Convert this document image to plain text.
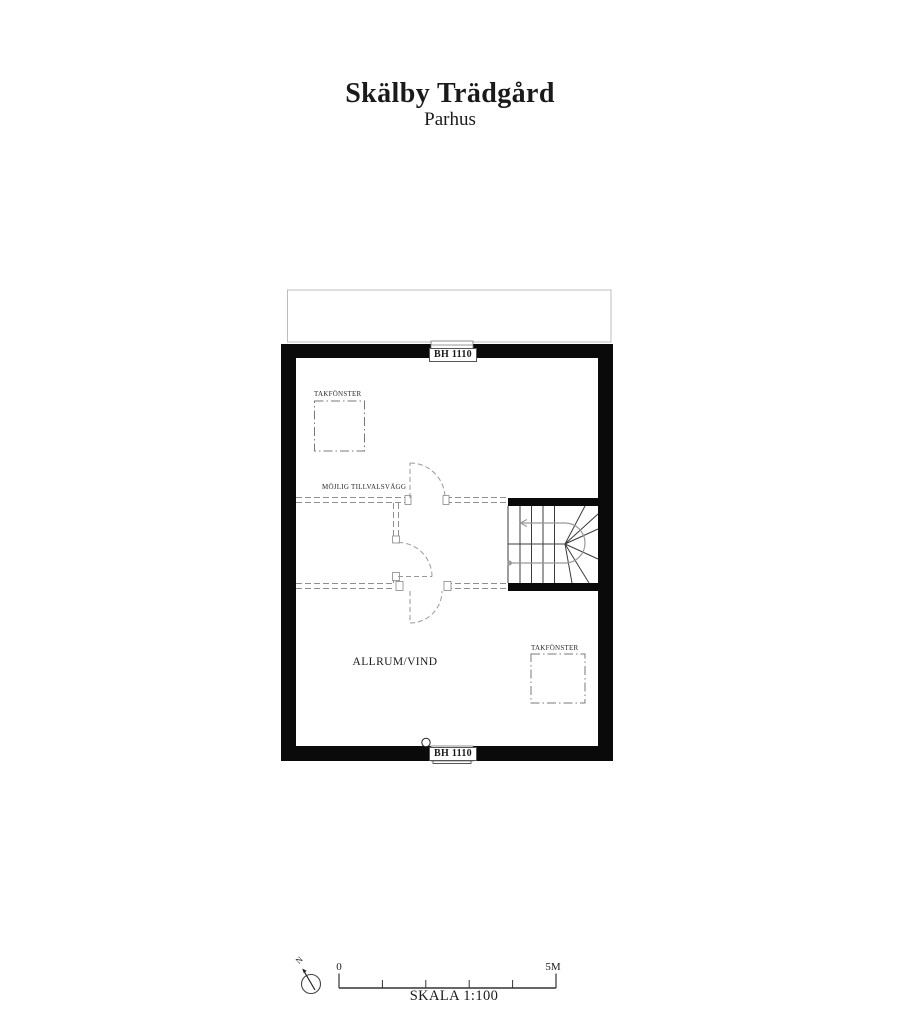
Skälby Trädgård
Parhus
TAKFÖNSTER
TAKFÖNSTER
MÖJLIG TILLVALSVÄGG
ALLRUM/VIND
BH 1110
BH 1110
N
0	5M
SKALA 1:100
